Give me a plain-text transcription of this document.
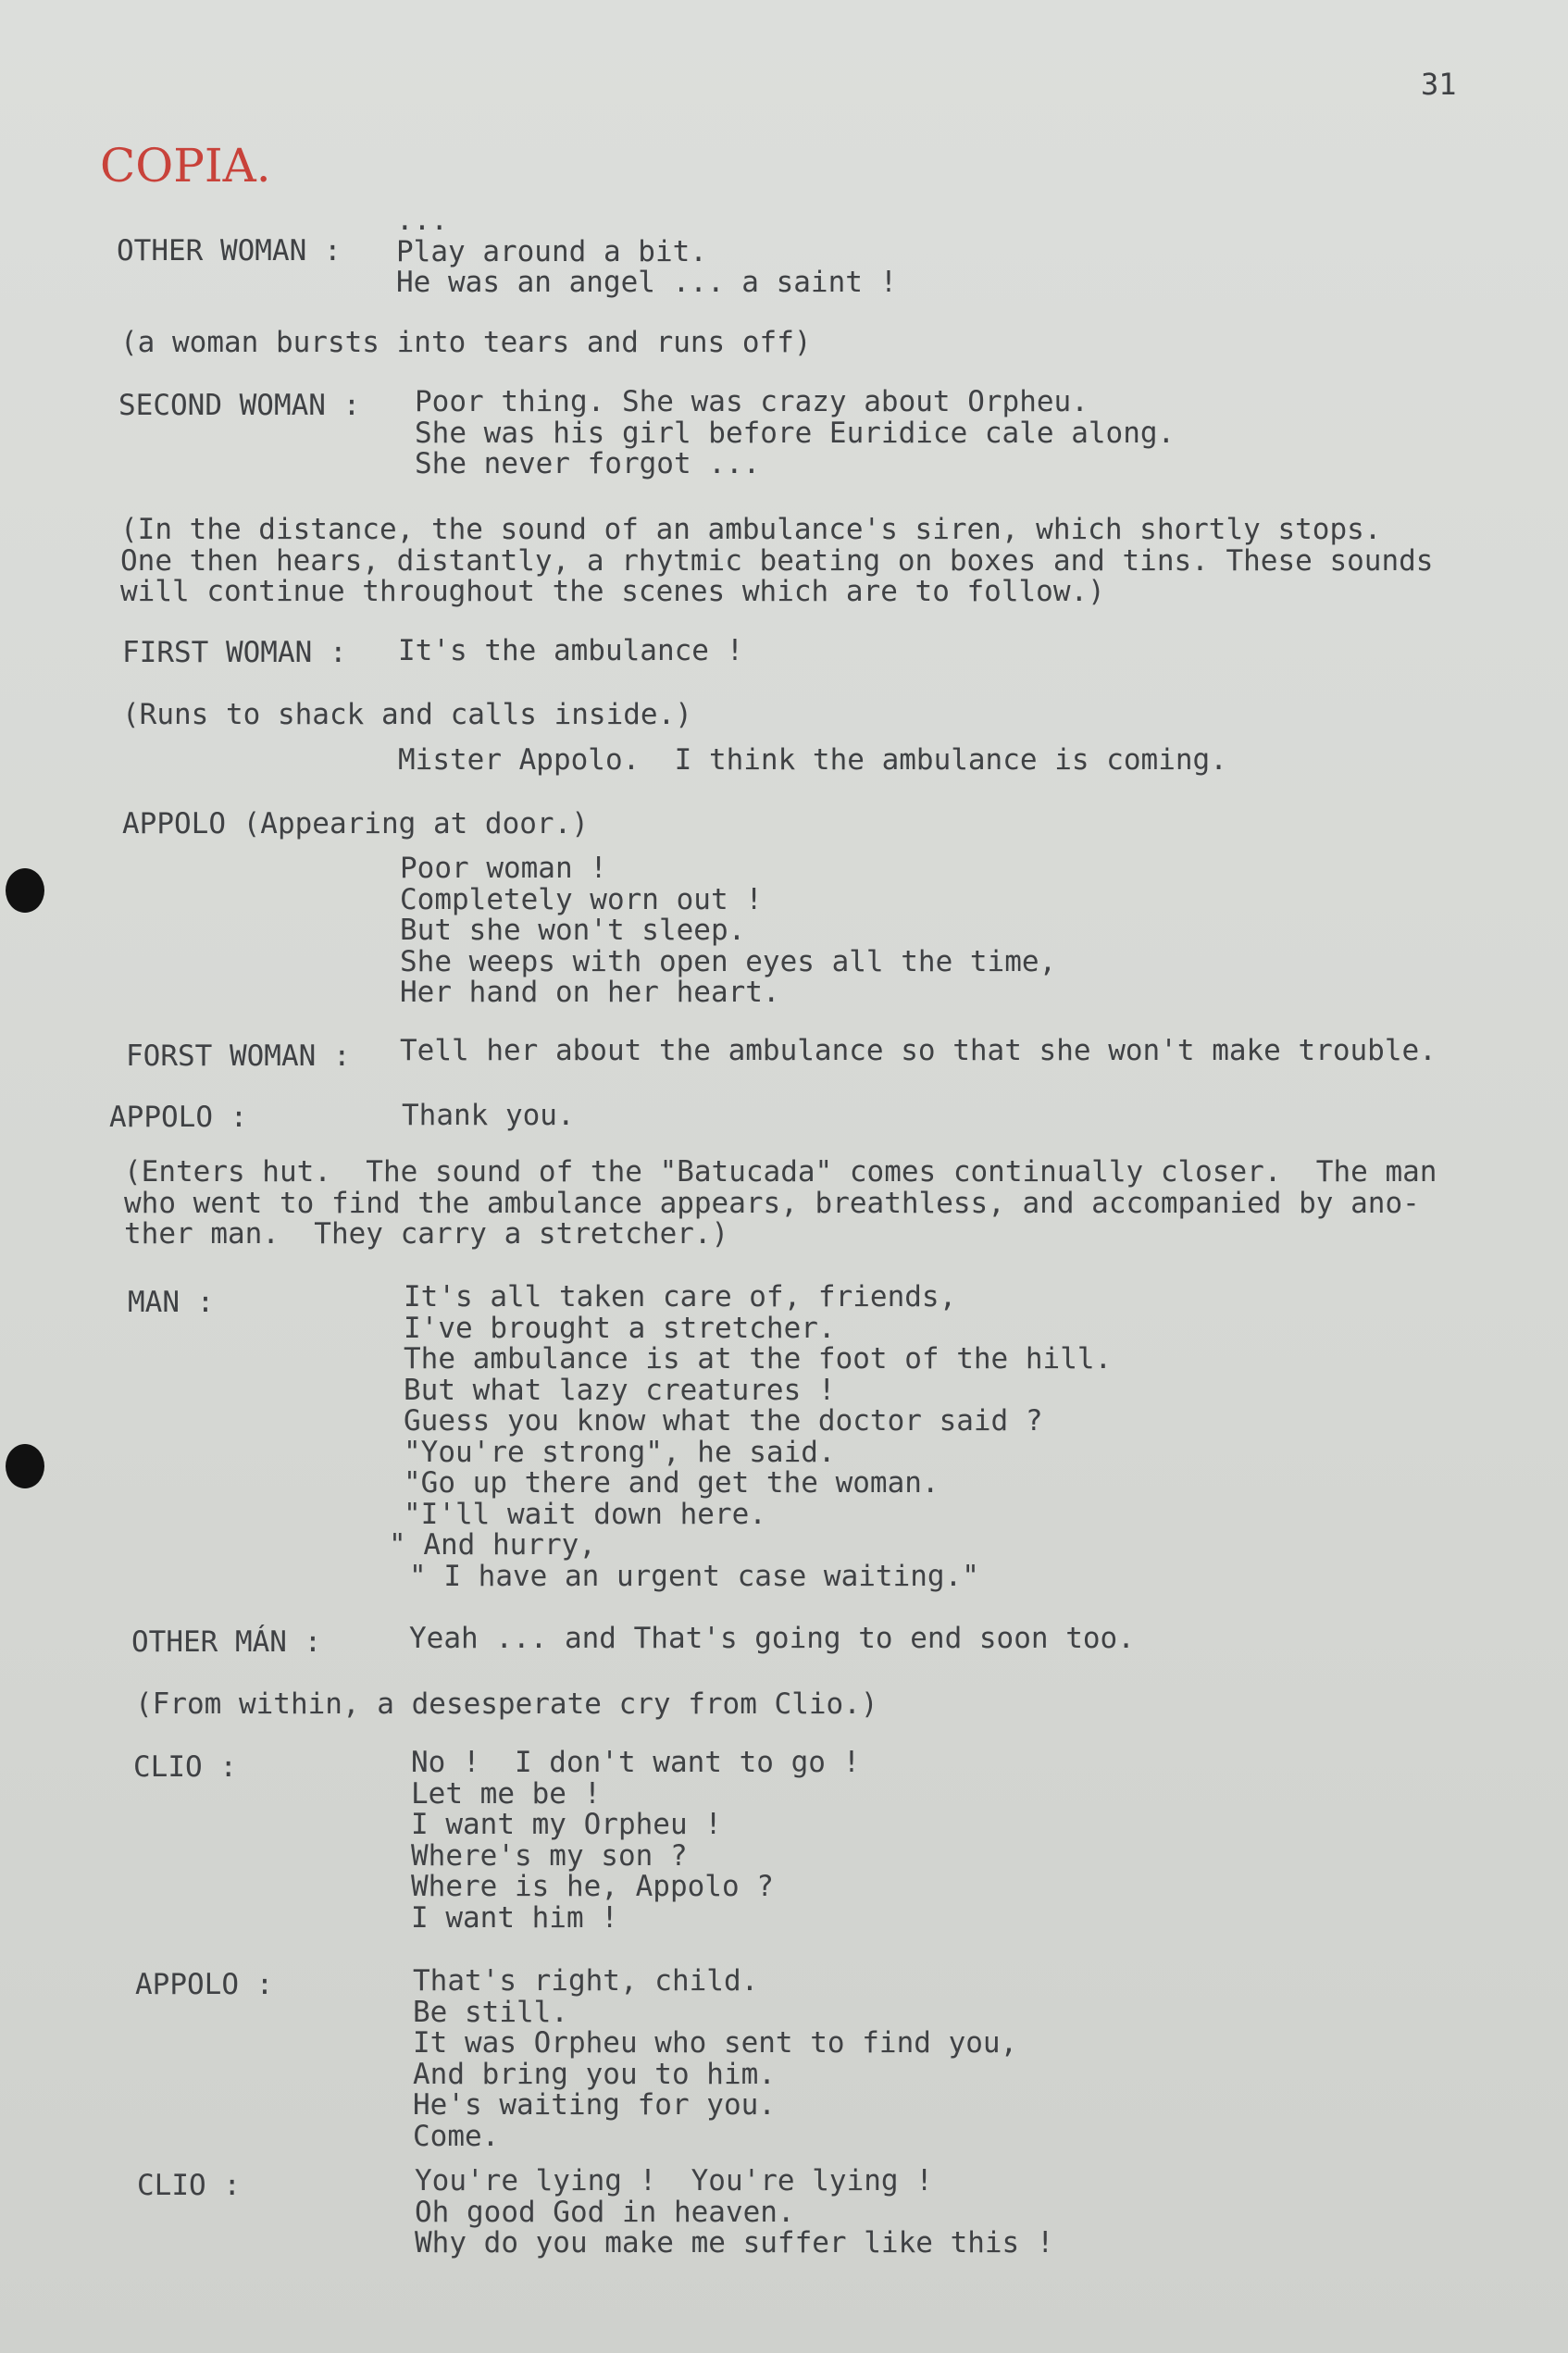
31
COPIA.
OTHER WOMAN :
...
Play around a bit.
He was an angel ... a saint !
(a woman bursts into tears and runs off)
SECOND WOMAN : Poor thing. She was crazy about Orpheu.
She was his girl before Euridice cale along.
She never forgot ...
(In the distance, the sound of an ambulance's siren, which shortly stops.
One then hears, distantly, a rhytmic beating on boxes and tins. These sounds
will continue throughout the scenes which are to follow.)
FIRST WOMAN : It's the ambulance !
(Runs to shack and calls inside.)
Mister Appolo.  I think the ambulance is coming.
APPOLO (Appearing at door.)
Poor woman !
Completely worn out !
But she won't sleep.
She weeps with open eyes all the time,
Her hand on her heart.
FORST WOMAN : Tell her about the ambulance so that she won't make trouble.
APPOLO :	Thank you.
(Enters hut.  The sound of the "Batucada" comes continually closer.  The man
who went to find the ambulance appears, breathless, and accompanied by ano-
ther man.  They carry a stretcher.)
MAN :	It's all taken care of, friends,
I've brought a stretcher.
The ambulance is at the foot of the hill.
But what lazy creatures !
Guess you know what the doctor said ?
"You're strong", he said.
"Go up there and get the woman.
"I'll wait down here.
" And hurry,
" I have an urgent case waiting."
OTHER MÁN :	Yeah ... and That's going to end soon too.
(From within, a desesperate cry from Clio.)
CLIO :	No !  I don't want to go !
Let me be !
I want my Orpheu !
Where's my son ?
Where is he, Appolo ?
I want him !
APPOLO :	That's right, child.
Be still.
It was Orpheu who sent to find you,
And bring you to him.
He's waiting for you.
Come.
CLIO :	You're lying !  You're lying !
Oh good God in heaven.
Why do you make me suffer like this !
